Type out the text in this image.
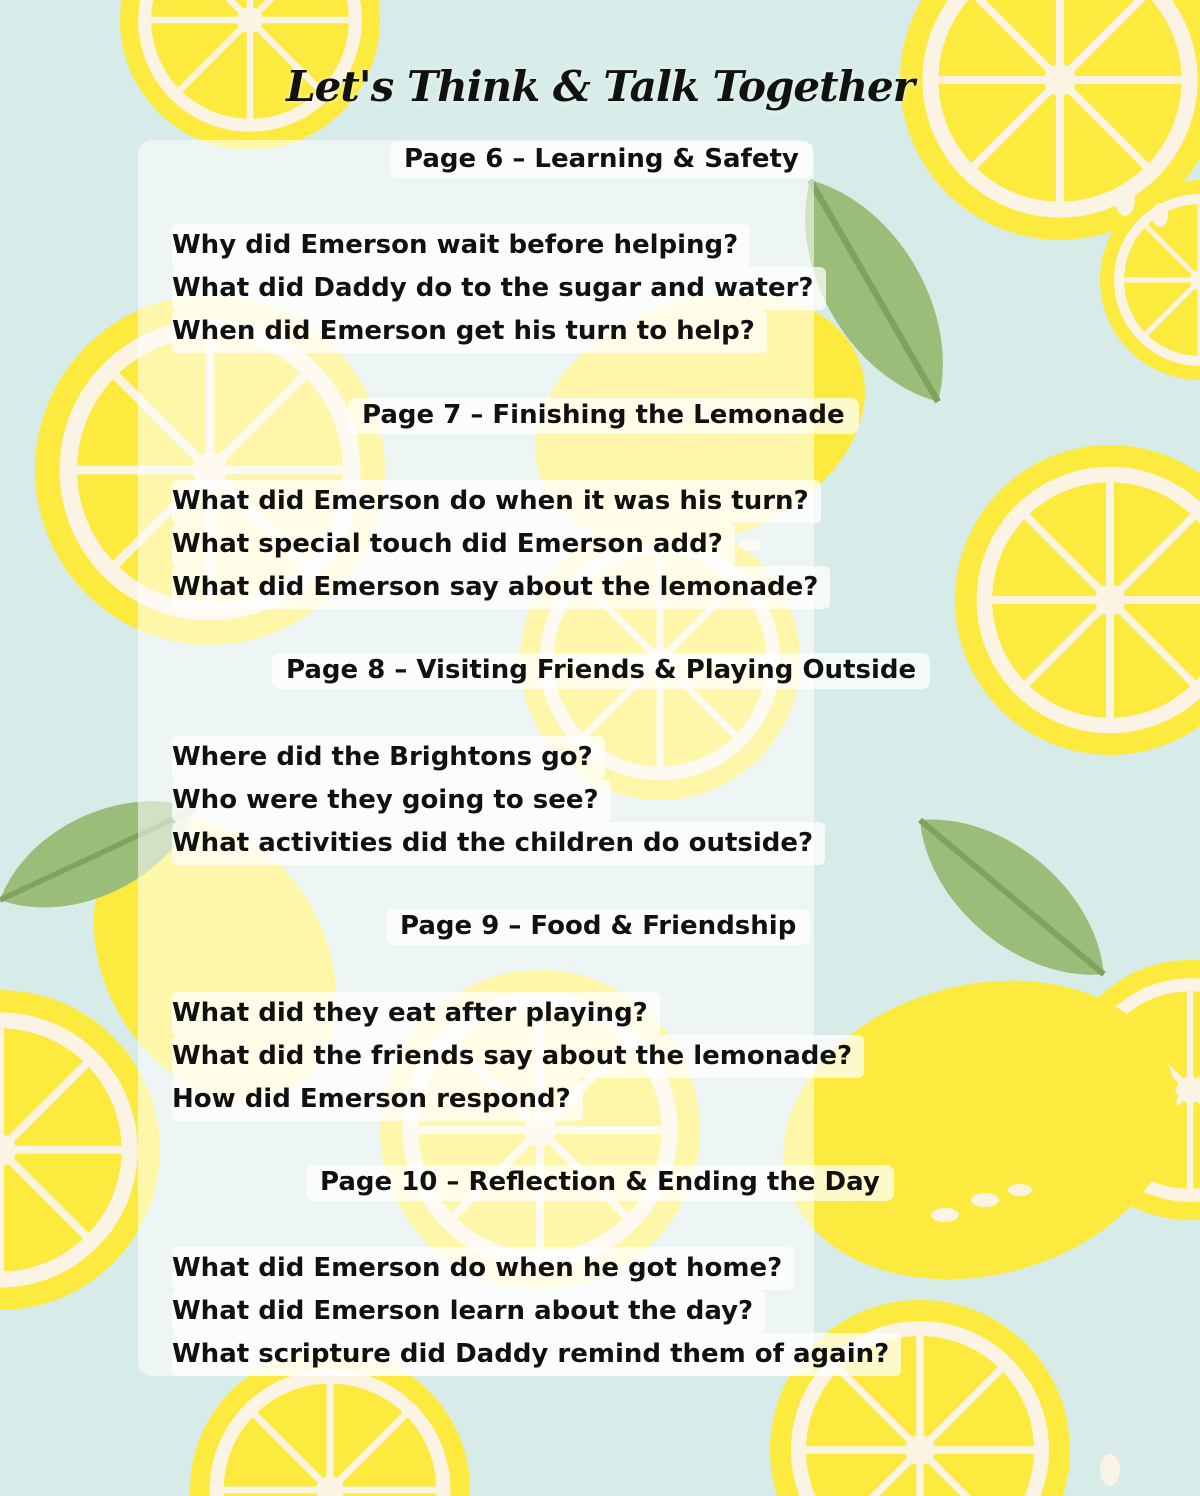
Let's Think & Talk Together
Page 6 – Learning & Safety
Why did Emerson wait before helping?
What did Daddy do to the sugar and water?
When did Emerson get his turn to help?
Page 7 – Finishing the Lemonade
What did Emerson do when it was his turn?
What special touch did Emerson add?
What did Emerson say about the lemonade?
Page 8 – Visiting Friends & Playing Outside
Where did the Brightons go?
Who were they going to see?
What activities did the children do outside?
Page 9 – Food & Friendship
What did they eat after playing?
What did the friends say about the lemonade?
How did Emerson respond?
Page 10 – Reflection & Ending the Day
What did Emerson do when he got home?
What did Emerson learn about the day?
What scripture did Daddy remind them of again?
